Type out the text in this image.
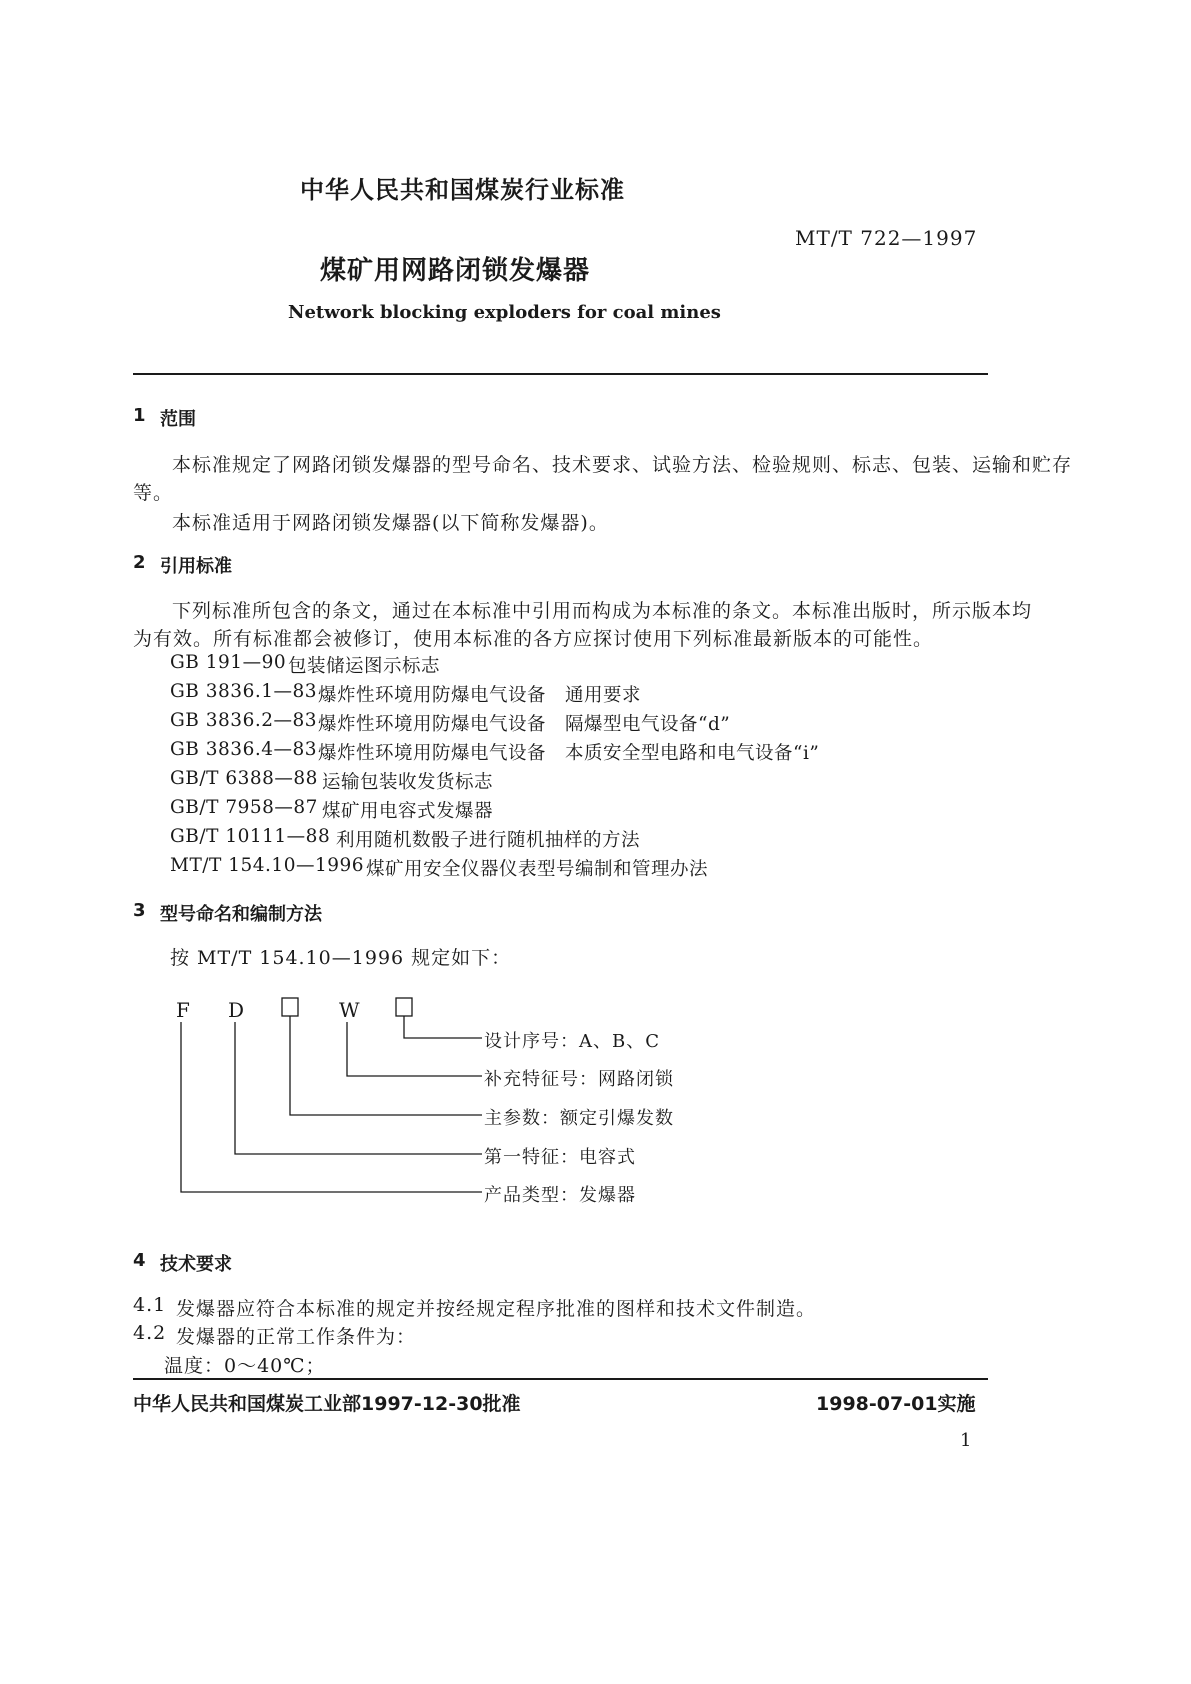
中华人民共和国煤炭行业标准
MT/T 722—1997
煤矿用网路闭锁发爆器
Network blocking exploders for coal mines
1 范围
本标准规定了网路闭锁发爆器的型号命名、技术要求、试验方法、检验规则、标志、包装、运输和贮存
等。
本标准适用于网路闭锁发爆器(以下简称发爆器)。
2 引用标准
下列标准所包含的条文，通过在本标准中引用而构成为本标准的条文。本标准出版时，所示版本均
为有效。所有标准都会被修订，使用本标准的各方应探讨使用下列标准最新版本的可能性。
GB 191—90 包装储运图示标志
GB 3836.1—83 爆炸性环境用防爆电气设备　通用要求
GB 3836.2—83 爆炸性环境用防爆电气设备　隔爆型电气设备“d”
GB 3836.4—83 爆炸性环境用防爆电气设备　本质安全型电路和电气设备“i”
GB/T 6388—88 运输包装收发货标志
GB/T 7958—87 煤矿用电容式发爆器
GB/T 10111—88 利用随机数骰子进行随机抽样的方法
MT/T 154.10—1996 煤矿用安全仪器仪表型号编制和管理办法
3 型号命名和编制方法
按 MT/T 154.10—1996 规定如下：
F D	W
设计序号：A、B、C
补充特征号：网路闭锁
主参数：额定引爆发数
第一特征：电容式
产品类型：发爆器
4 技术要求
4.1 发爆器应符合本标准的规定并按经规定程序批准的图样和技术文件制造。
4.2 发爆器的正常工作条件为：
温度：0～40℃；
中华人民共和国煤炭工业部1997-12-30批准	1998-07-01实施
1
